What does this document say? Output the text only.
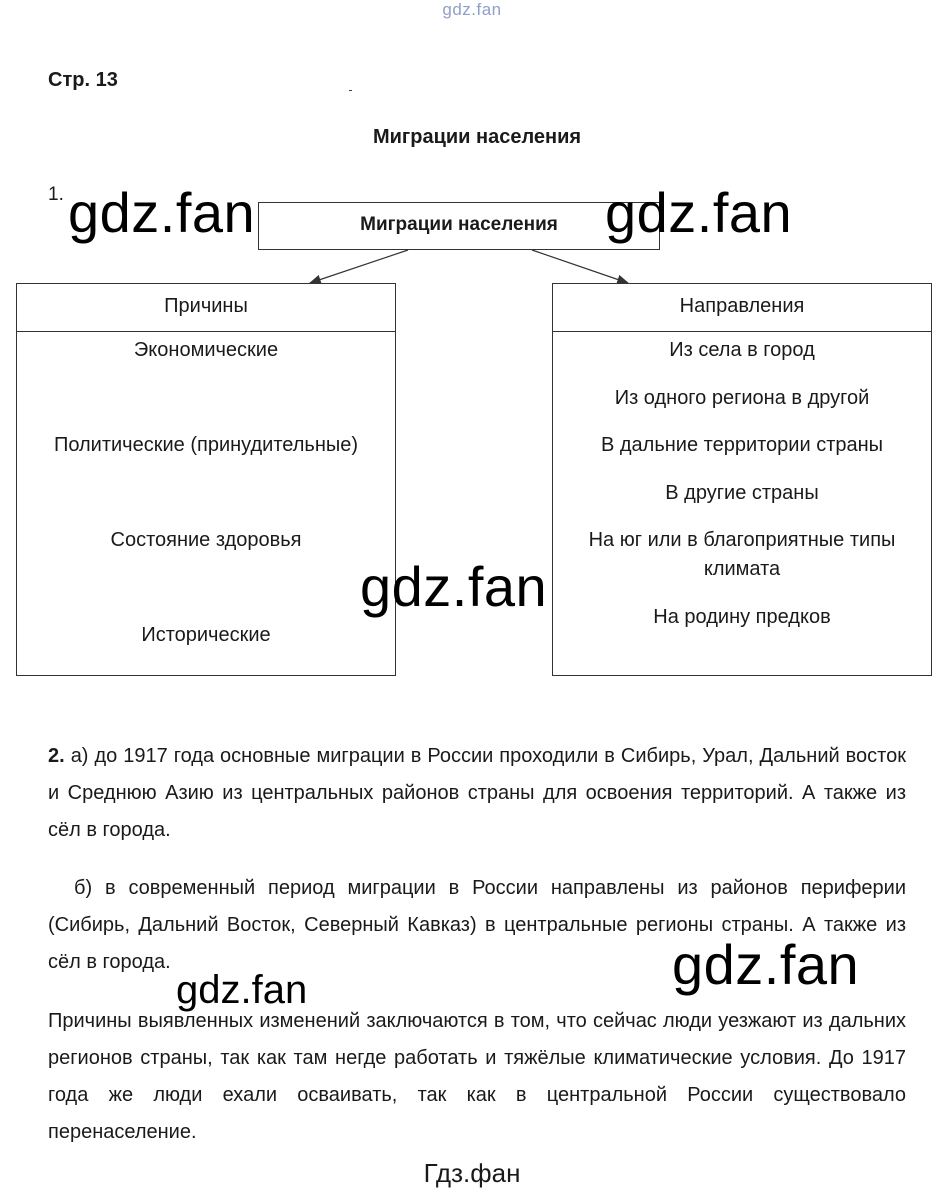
gdz.fan
Стр. 13
Миграции населения
1.
Миграции населения
Причины
Экономические
Политические (принудительные)
Состояние здоровья
Исторические
Направления
Из села в город
Из одного региона в другой
В дальние территории страны
В другие страны
На юг или в благоприятные типы климата
На родину предков
2. а) до 1917 года основные миграции в России проходили в Сибирь, Урал, Дальний восток и Среднюю Азию из центральных районов страны для освоения территорий. А также из сёл в города.
б) в современный период миграции в России направлены из районов периферии (Сибирь, Дальний Восток, Северный Кавказ) в центральные регионы страны. А также из сёл в города.
Причины выявленных изменений заключаются в том, что сейчас люди уезжают из дальних регионов страны, так как там негде работать и тяжёлые климатические условия. До 1917 года же люди ехали осваивать, так как в центральной России существовало перенаселение.
gdz.fan	gdz.fan
gdz.fan
gdz.fan
gdz.fan
Гдз.фан
